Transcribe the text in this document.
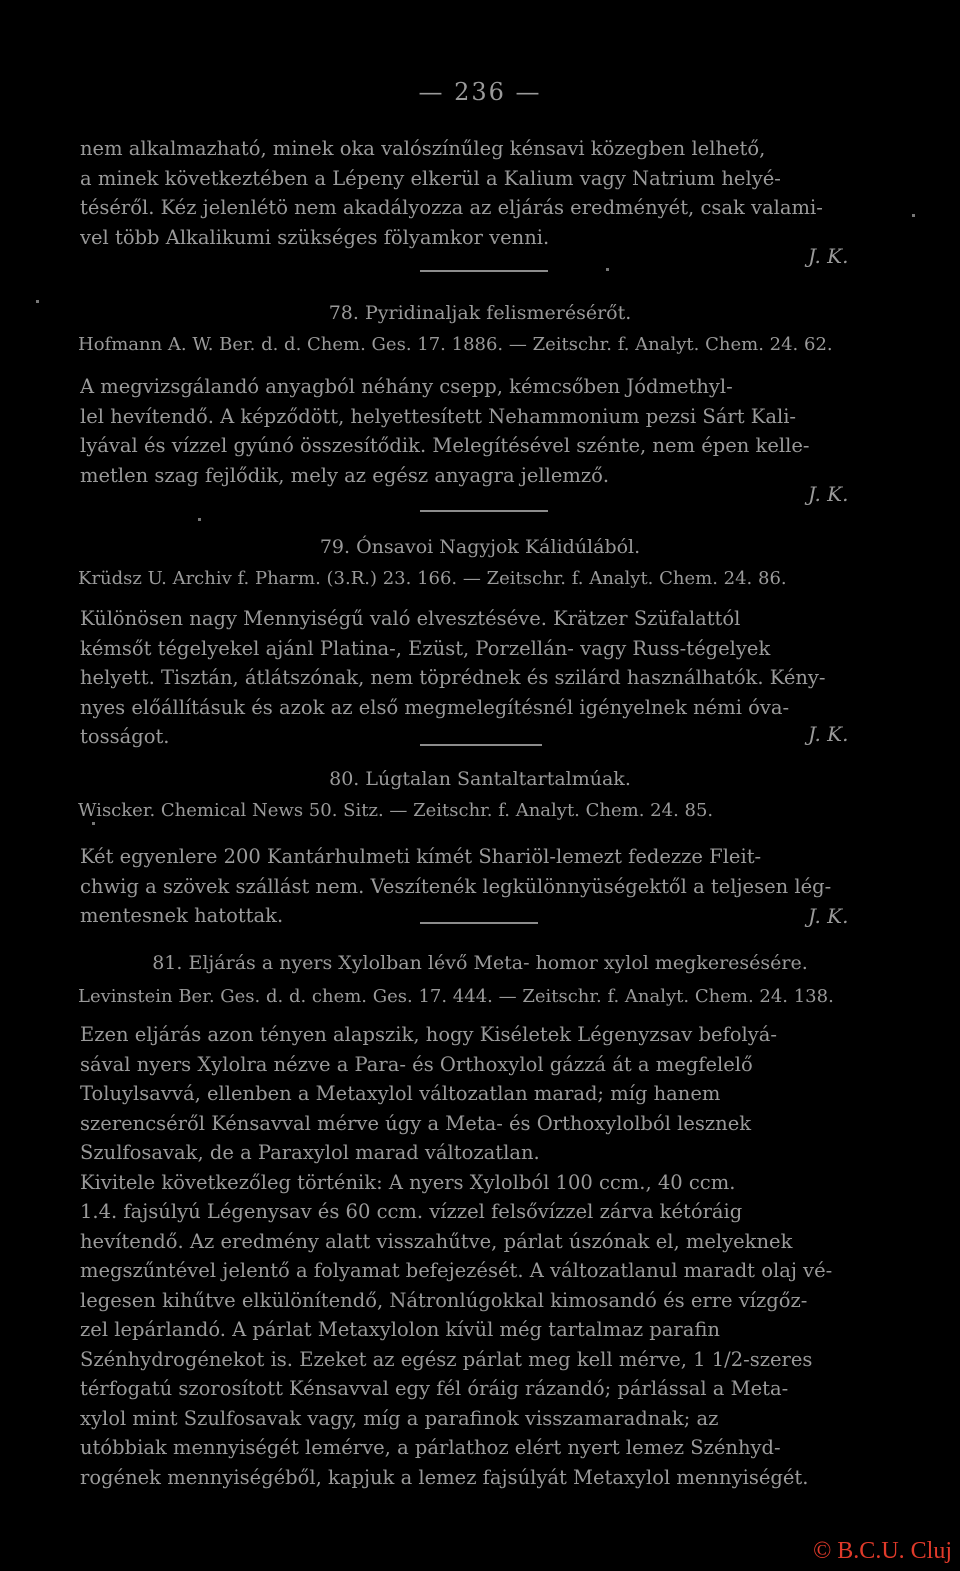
— 236 —
nem alkalmazható, minek oka valószínűleg kénsavi közegben lelhető,
a minek következtében a Lépeny elkerül a Kalium vagy Natrium helyé-
téséről. Kéz jelenlétö nem akadályozza az eljárás eredményét, csak valami-
vel több Alkalikumi szükséges fölyamkor venni.
J. K.
78. Pyridinaljak felismerésérőt.
Hofmann A. W. Ber. d. d. Chem. Ges. 17. 1886. — Zeitschr. f. Analyt. Chem. 24. 62.
A megvizsgálandó anyagból néhány csepp, kémcsőben Jódmethyl-
lel hevítendő. A képződött, helyettesített Nehammonium pezsi Sárt Kali-
lyával és vízzel gyúnó összesítődik. Melegítésével szénte, nem épen kelle-
metlen szag fejlődik, mely az egész anyagra jellemző.
J. K.
79. Ónsavoi Nagyjok Kálidúlából.
Krüdsz U. Archiv f. Pharm. (3.R.) 23. 166. — Zeitschr. f. Analyt. Chem. 24. 86.
Különösen nagy Mennyiségű való elvesztéséve. Krätzer Szüfalattól
kémsőt tégelyekel ajánl Platina-, Ezüst, Porzellán- vagy Russ-tégelyek
helyett. Tisztán, átlátszónak, nem töprédnek és szilárd használhatók. Kény-
nyes előállításuk és azok az első megmelegítésnél igényelnek némi óva-
tosságot.	J. K.
80. Lúgtalan Santaltartalmúak.
Wiscker. Chemical News 50. Sitz. — Zeitschr. f. Analyt. Chem. 24. 85.
Két egyenlere 200 Kantárhulmeti kímét Shariöl-lemezt fedezze Fleit-
chwig a szövek szállást nem. Veszítenék legkülönnyüségektől a teljesen lég-
mentesnek hatottak.	J. K.
81. Eljárás a nyers Xylolban lévő Meta- homor xylol megkeresésére.
Levinstein Ber. Ges. d. d. chem. Ges. 17. 444. — Zeitschr. f. Analyt. Chem. 24. 138.
Ezen eljárás azon tényen alapszik, hogy Kiséletek Légenyzsav befolyá-
sával nyers Xylolra nézve a Para- és Orthoxylol gázzá át a megfelelő
Toluylsavvá, ellenben a Metaxylol változatlan marad; míg hanem
szerencséről Kénsavval mérve úgy a Meta- és Orthoxylolból lesznek
Szulfosavak, de a Paraxylol marad változatlan.
Kivitele következőleg történik: A nyers Xylolból 100 ccm., 40 ccm.
1.4. fajsúlyú Légenysav és 60 ccm. vízzel felsővízzel zárva kétóráig
hevítendő. Az eredmény alatt visszahűtve, párlat úszónak el, melyeknek
megszűntével jelentő a folyamat befejezését. A változatlanul maradt olaj vé-
legesen kihűtve elkülönítendő, Nátronlúgokkal kimosandó és erre vízgőz-
zel lepárlandó. A párlat Metaxylolon kívül még tartalmaz parafin
Szénhydrogénekot is. Ezeket az egész párlat meg kell mérve, 1 1/2-szeres
térfogatú szorosított Kénsavval egy fél óráig rázandó; párlással a Meta-
xylol mint Szulfosavak vagy, míg a parafinok visszamaradnak; az
utóbbiak mennyiségét lemérve, a párlathoz elért nyert lemez Szénhyd-
rogének mennyiségéből, kapjuk a lemez fajsúlyát Metaxylol mennyiségét.
© B.C.U. Cluj
